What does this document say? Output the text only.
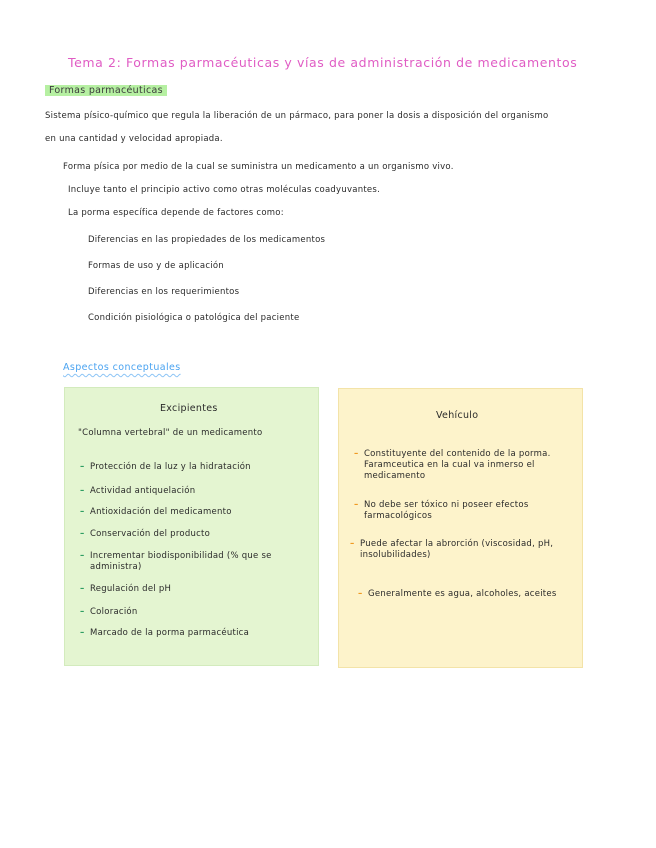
Tema 2: Formas parmacéuticas y vías de administración de medicamentos
Formas parmacéuticas
Sistema písico-químico que regula la liberación de un pármaco, para poner la dosis a disposición del organismo
en una cantidad y velocidad apropiada.
Forma písica por medio de la cual se suministra un medicamento a un organismo vivo.
Incluye tanto el principio activo como otras moléculas coadyuvantes.
La porma específica depende de factores como:
Diferencias en las propiedades de los medicamentos
Formas de uso y de aplicación
Diferencias en los requerimientos
Condición pisiológica o patológica del paciente
Aspectos conceptuales
Excipientes
"Columna vertebral" de un medicamento
– Protección de la luz y la hidratación
– Actividad antiquelación
– Antioxidación del medicamento
– Conservación del producto
– Incrementar biodisponibilidad (% que se administra)
– Regulación del pH
– Coloración
– Marcado de la porma parmacéutica
Vehículo
– Constituyente del contenido de la porma. Faramceutica en la cual va inmerso el medicamento
– No debe ser tóxico ni poseer efectos farmacológicos
– Puede afectar la abrorción (viscosidad, pH, insolubilidades)
– Generalmente es agua, alcoholes, aceites
